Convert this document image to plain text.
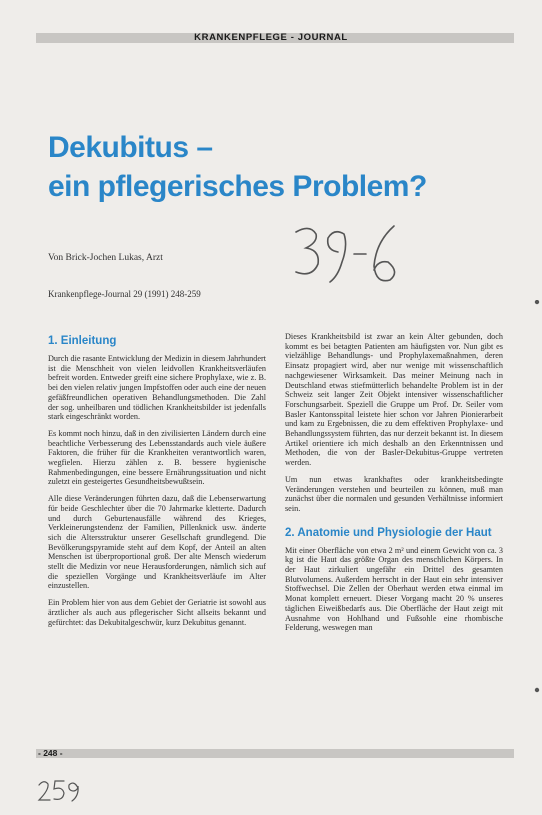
KRANKENPFLEGE - JOURNAL
Dekubitus –
ein pflegerisches Problem?
Von Brick-Jochen Lukas, Arzt
Krankenpflege-Journal 29 (1991) 248-259
1. Einleitung

Durch die rasante Entwicklung der Medizin in diesem Jahrhundert ist die Menschheit von vielen leidvollen Krankheitsverläufen befreit worden. Entweder greift eine sichere Prophylaxe, wie z. B. bei den vielen relativ jungen Impfstoffen oder auch eine der neuen gefäßfreundlichen operativen Behandlungsmethoden. Die Zahl der sog. unheilbaren und tödlichen Krankheitsbilder ist jedenfalls stark eingeschränkt worden.

Es kommt noch hinzu, daß in den zivilisierten Ländern durch eine beachtliche Verbesserung des Lebensstandards auch viele äußere Faktoren, die früher für die Krankheiten verantwortlich waren, wegfielen. Hierzu zählen z. B. bessere hygienische Rahmenbedingungen, eine bessere Ernährungssituation und nicht zuletzt ein gesteigertes Gesundheitsbewußtsein.

Alle diese Veränderungen führten dazu, daß die Lebenserwartung für beide Geschlechter über die 70 Jahrmarke kletterte. Dadurch und durch Geburtenausfälle während des Krieges, Verkleinerungstendenz der Familien, Pillenknick usw. änderte sich die Altersstruktur unserer Gesellschaft grundlegend. Die Bevölkerungspyramide steht auf dem Kopf, der Anteil an alten Menschen ist überproportional groß. Der alte Mensch wiederum stellt die Medizin vor neue Herausforderungen, nämlich sich auf die speziellen Vorgänge und Krankheitsverläufe im Alter einzustellen.

Ein Problem hier von aus dem Gebiet der Geriatrie ist sowohl aus ärztlicher als auch aus pflegerischer Sicht allseits bekannt und gefürchtet: das Dekubitalgeschwür, kurz Dekubitus genannt.

Dieses Krankheitsbild ist zwar an kein Alter gebunden, doch kommt es bei betagten Patienten am häufigsten vor. Nun gibt es vielzählige Behandlungs- und Prophylaxemaßnahmen, deren Einsatz propagiert wird, aber nur wenige mit wissenschaftlich nachgewiesener Wirksamkeit. Das meiner Meinung nach in Deutschland etwas stiefmütterlich behandelte Problem ist in der Schweiz seit langer Zeit Objekt intensiver wissenschaftlicher Forschungsarbeit. Speziell die Gruppe um Prof. Dr. Seiler vom Basler Kantonsspital leistete hier schon vor Jahren Pionierarbeit und kam zu Ergebnissen, die zu dem effektiven Prophylaxe- und Behandlungssystem führten, das nur derzeit bekannt ist. In diesem Artikel orientiere ich mich deshalb an den Erkenntnissen und Methoden, die von der Basler-Dekubitus-Gruppe vertreten werden.

Um nun etwas krankhaftes oder krankheitsbedingte Veränderungen verstehen und beurteilen zu können, muß man zunächst über die normalen und gesunden Verhältnisse informiert sein.

2. Anatomie und Physiologie der Haut

Mit einer Oberfläche von etwa 2 m² und einem Gewicht von ca. 3 kg ist die Haut das größte Organ des menschlichen Körpers. In der Haut zirkuliert ungefähr ein Drittel des gesamten Blutvolumens. Außerdem herrscht in der Haut ein sehr intensiver Stoffwechsel. Die Zellen der Oberhaut werden etwa einmal im Monat komplett erneuert. Dieser Vorgang macht 20 % unseres täglichen Eiweißbedarfs aus. Die Oberfläche der Haut zeigt mit Ausnahme von Hohlhand und Fußsohle eine rhombische Felderung, weswegen man

- 248 -
